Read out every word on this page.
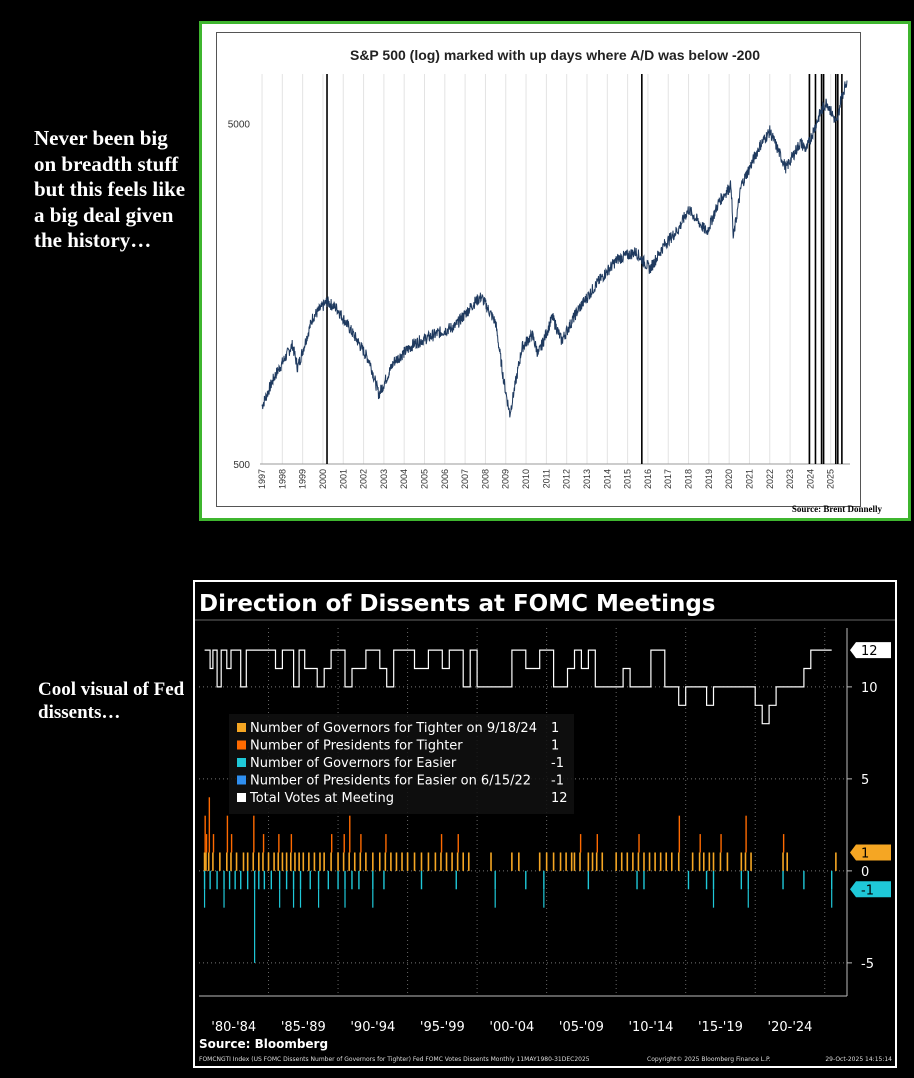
Never been big on breadth stuff but this feels like a big deal given the history…
Cool visual of Fed dissents…
S&P 500 (log) marked with up days where A/D was below -200
1997 1998 1999 2000 2001 2002 2003 2004 2005 2006 2007 2008 2009 2010 2011 2012 2013 2014 2015 2016 2017 2018 2019 2020 2021 2022 2023 2024 2025
500
5000
Source: Brent Donnelly
Direction of Dissents at FOMC Meetings
-5
0
5
10
'80-'84 '85-'89 '90-'94 '95-'99 '00-'04 '05-'09 '10-'14 '15-'19 '20-'24
Source: Bloomberg
FOMCNGTI Index (US FOMC Dissents Number of Governors for Tighter) Fed FOMC Votes Dissents Monthly 11MAY1980-31DEC2025	Copyright© 2025 Bloomberg Finance L.P.	29-Oct-2025 14:15:14
Number of Governors for Tighter on 9/18/24 1
Number of Presidents for Tighter	1
Number of Governors for Easier	-1
Number of Presidents for Easier on 6/15/22 -1
Total Votes at Meeting	12
12
1
-1
